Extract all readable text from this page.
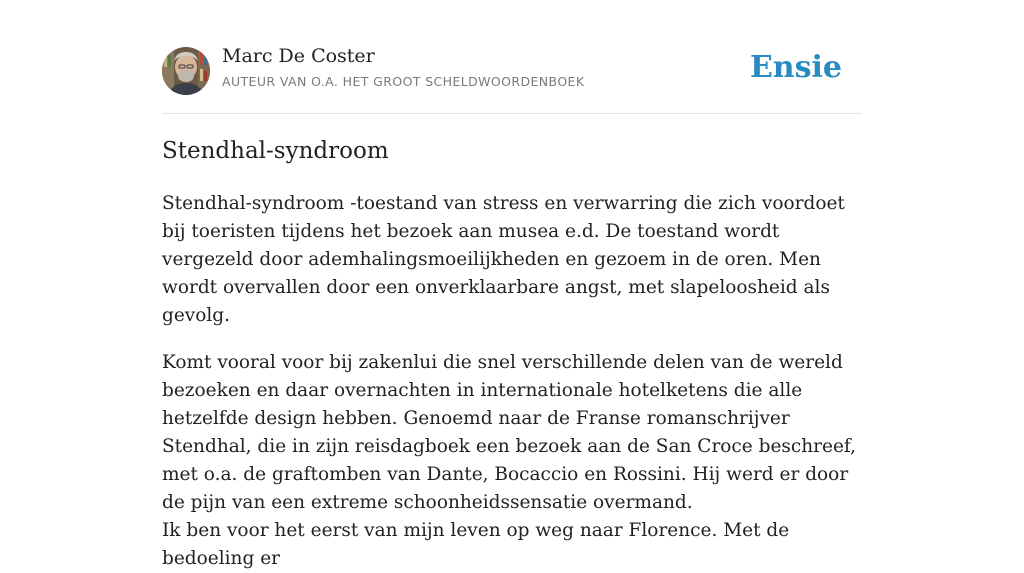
Marc De Coster
AUTEUR VAN O.A. HET GROOT SCHELDWOORDENBOEK	Ensie
Stendhal-syndroom

Stendhal-syndroom -toestand van stress en verwarring die zich voordoet bij toeristen tijdens het bezoek aan musea e.d. De toestand wordt vergezeld door ademhalingsmoeilijkheden en gezoem in de oren. Men wordt overvallen door een onverklaarbare angst, met slapeloosheid als gevolg.

Komt vooral voor bij zakenlui die snel verschillende delen van de wereld bezoeken en daar overnachten in internationale hotelketens die alle hetzelfde design hebben. Genoemd naar de Franse romanschrijver Stendhal, die in zijn reisdagboek een bezoek aan de San Croce beschreef, met o.a. de graftomben van Dante, Bocaccio en Rossini. Hij werd er door de pijn van een extreme schoonheidssensatie overmand.

Ik ben voor het eerst van mijn leven op weg naar Florence. Met de bedoeling er
